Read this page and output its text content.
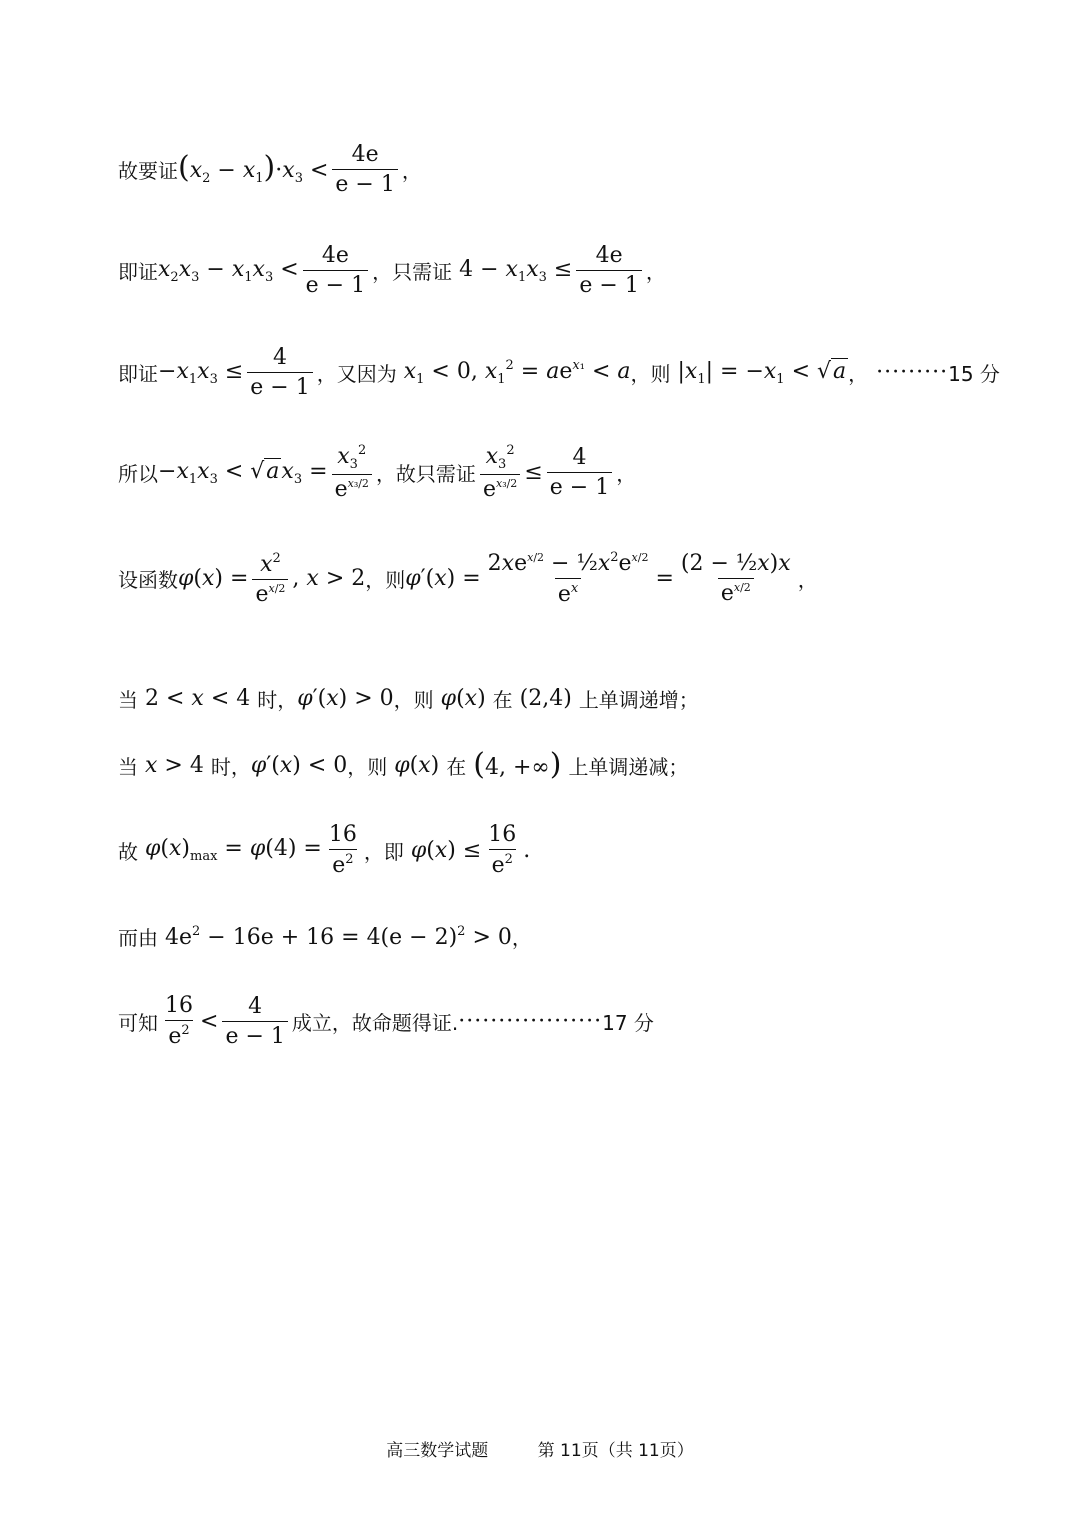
故要证 $(x_2 - x_1)\cdot x_3 < \frac{4e}{e - 1}$ ，
即证 $x_2x_3 - x_1x_3 < \frac{4e}{e - 1}$ ，只需证 $4 - x_1x_3 \le \frac{4e}{e - 1}$ ，
即证 $-x_1x_3 \le \frac{4}{e - 1}$ ，又因为 $x_1 < 0$, $x_1^2 = ae^{x_1} < a$ ，则 $|x_1| = -x_1 < √a$ ， ········· 15 分
所以 $-x_1x_3 < √ax_3 = \frac{x_3^2}{e^{x_3/2}}$ ，故只需证 $\frac{x_3^2}{e^{x_3/2}} \le \frac{4}{e - 1}$ ，
设函数 $\varphi(x) = \frac{x^2}{e^{x/2}}$ , x > 2 ，则 $\varphi'(x) = \frac{2xe^{x/2} - \frac{1}{2}x^2e^{x/2}}{e^x} = \frac{\text{(2 − ½x)x}}{e^{x/2}}$ ，
当 2 < x < 4 时， φ′(x) > 0 ，则 φ(x) 在 (2,4) 上单调递增；
当 x > 4 时， φ′(x) < 0 ，则 φ(x) 在 (4, +∞) 上单调递减；
故 $\varphi(x)_{max} = \varphi(4) = \frac{16}{e^2}$ ，即 $\varphi(x) \le \frac{16}{e^2}$ .
而由 $4e^2 - 16e + 16 = 4(e - 2)^2 > 0$ ，
可知 $\frac{16}{e^2} < \frac{4}{e - 1}$ 成立，故命题得证. ·················· 17 分
高三数学试题	第 11页（共 11页）
